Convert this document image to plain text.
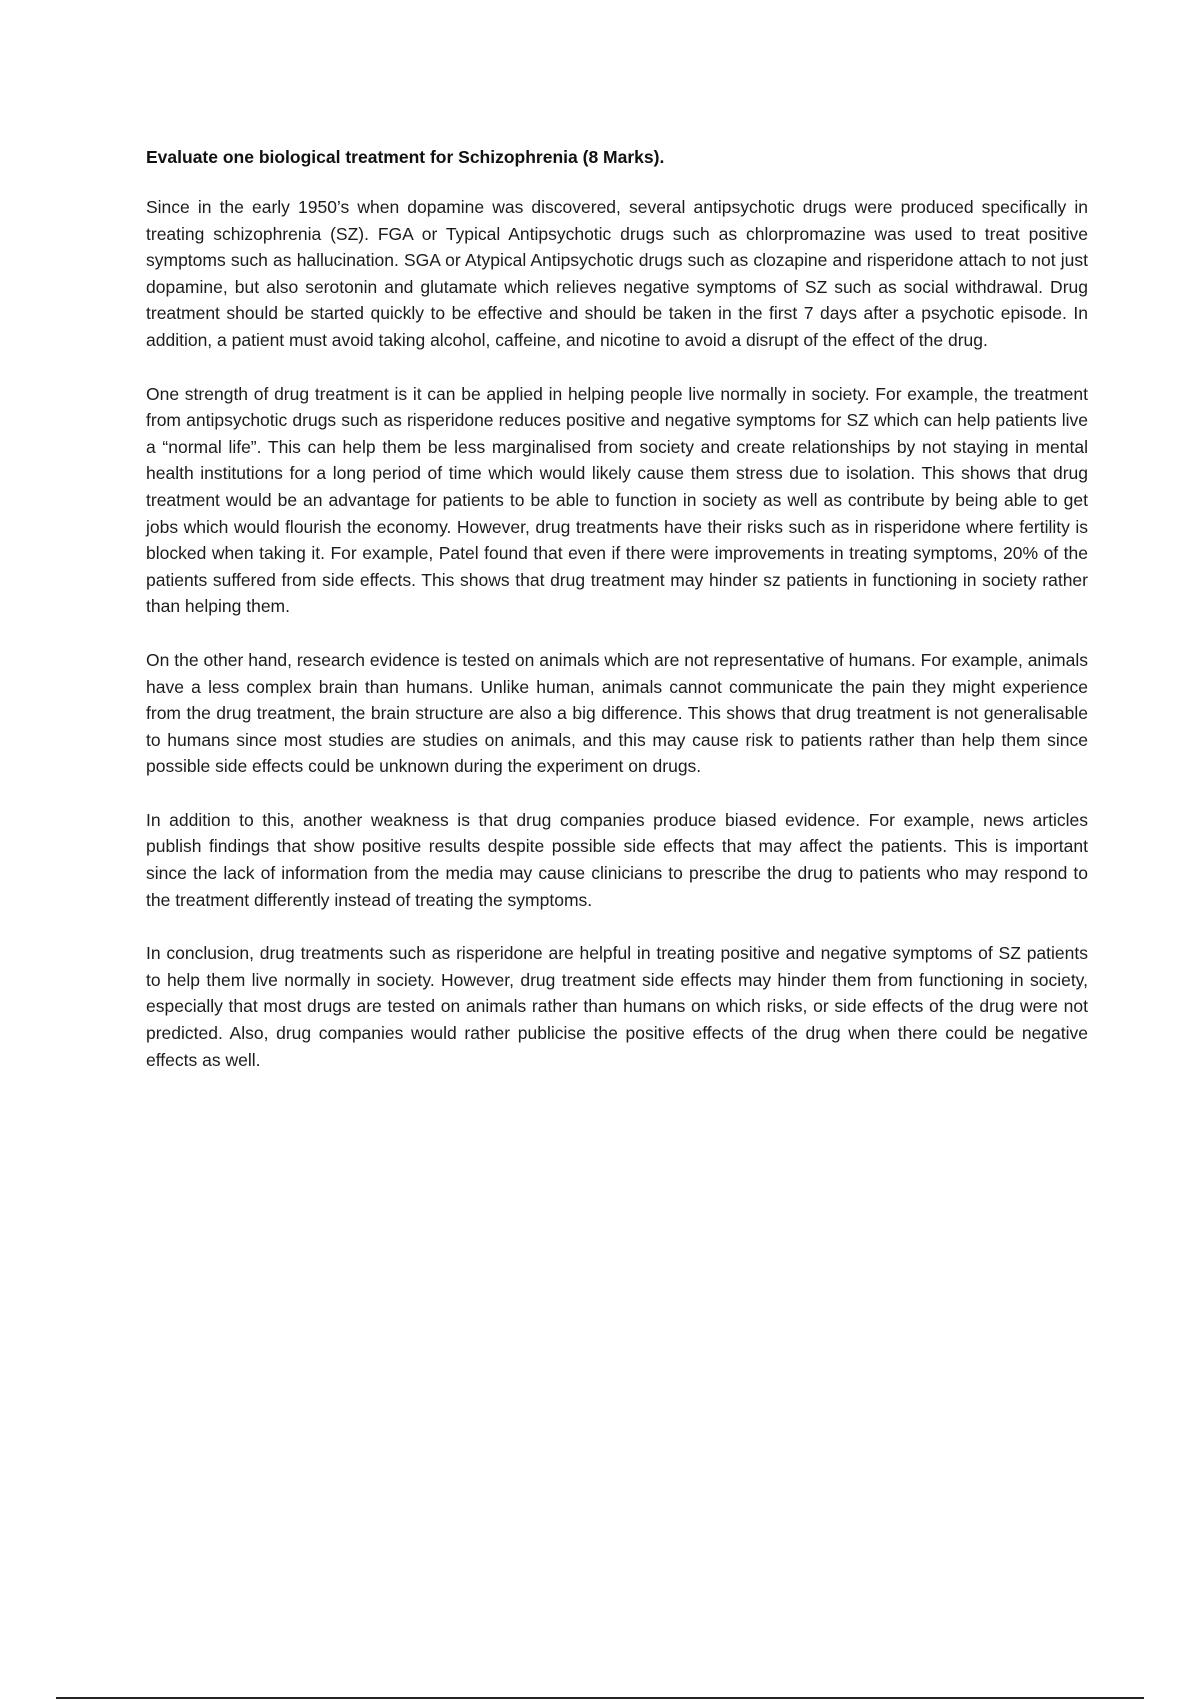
Evaluate one biological treatment for Schizophrenia (8 Marks).

Since in the early 1950’s when dopamine was discovered, several antipsychotic drugs were produced specifically in treating schizophrenia (SZ). FGA or Typical Antipsychotic drugs such as chlorpromazine was used to treat positive symptoms such as hallucination. SGA or Atypical Antipsychotic drugs such as clozapine and risperidone attach to not just dopamine, but also serotonin and glutamate which relieves negative symptoms of SZ such as social withdrawal. Drug treatment should be started quickly to be effective and should be taken in the first 7 days after a psychotic episode. In addition, a patient must avoid taking alcohol, caffeine, and nicotine to avoid a disrupt of the effect of the drug.

One strength of drug treatment is it can be applied in helping people live normally in society. For example, the treatment from antipsychotic drugs such as risperidone reduces positive and negative symptoms for SZ which can help patients live a “normal life”. This can help them be less marginalised from society and create relationships by not staying in mental health institutions for a long period of time which would likely cause them stress due to isolation. This shows that drug treatment would be an advantage for patients to be able to function in society as well as contribute by being able to get jobs which would flourish the economy. However, drug treatments have their risks such as in risperidone where fertility is blocked when taking it. For example, Patel found that even if there were improvements in treating symptoms, 20% of the patients suffered from side effects. This shows that drug treatment may hinder sz patients in functioning in society rather than helping them.

On the other hand, research evidence is tested on animals which are not representative of humans. For example, animals have a less complex brain than humans. Unlike human, animals cannot communicate the pain they might experience from the drug treatment, the brain structure are also a big difference. This shows that drug treatment is not generalisable to humans since most studies are studies on animals, and this may cause risk to patients rather than help them since possible side effects could be unknown during the experiment on drugs.

In addition to this, another weakness is that drug companies produce biased evidence. For example, news articles publish findings that show positive results despite possible side effects that may affect the patients. This is important since the lack of information from the media may cause clinicians to prescribe the drug to patients who may respond to the treatment differently instead of treating the symptoms.

In conclusion, drug treatments such as risperidone are helpful in treating positive and negative symptoms of SZ patients to help them live normally in society. However, drug treatment side effects may hinder them from functioning in society, especially that most drugs are tested on animals rather than humans on which risks, or side effects of the drug were not predicted. Also, drug companies would rather publicise the positive effects of the drug when there could be negative effects as well.
